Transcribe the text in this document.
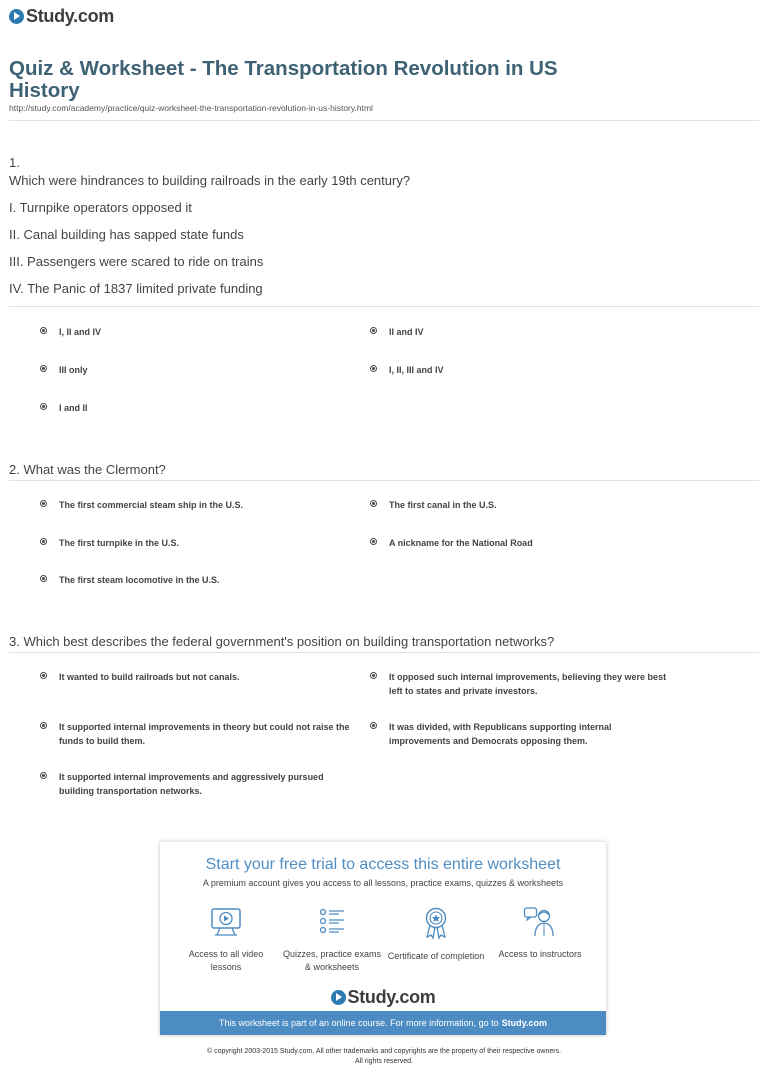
Study.com
Quiz & Worksheet - The Transportation Revolution in US History
http://study.com/academy/practice/quiz-worksheet-the-transportation-revolution-in-us-history.html
1.
Which were hindrances to building railroads in the early 19th century?
I. Turnpike operators opposed it
II. Canal building has sapped state funds
III. Passengers were scared to ride on trains
IV. The Panic of 1837 limited private funding
I, II and IV	II and IV
III only	I, II, III and IV
I and II
2. What was the Clermont?
The first commercial steam ship in the U.S.	The first canal in the U.S.
The first turnpike in the U.S.	A nickname for the National Road
The first steam locomotive in the U.S.
3. Which best describes the federal government's position on building transportation networks?
It wanted to build railroads but not canals.	It opposed such internal improvements, believing they were best left to states and private investors.
It supported internal improvements in theory but could not raise the funds to build them.
It was divided, with Republicans supporting internal improvements and Democrats opposing them.
It supported internal improvements and aggressively pursued building transportation networks.
Start your free trial to access this entire worksheet
A premium account gives you access to all lessons, practice exams, quizzes & worksheets
Access to all video lessons
Quizzes, practice exams & worksheets
Certificate of completion	Access to instructors
Study.com
This worksheet is part of an online course. For more information, go to Study.com
© copyright 2003-2015 Study.com. All other trademarks and copyrights are the property of their respective owners.
All rights reserved.
